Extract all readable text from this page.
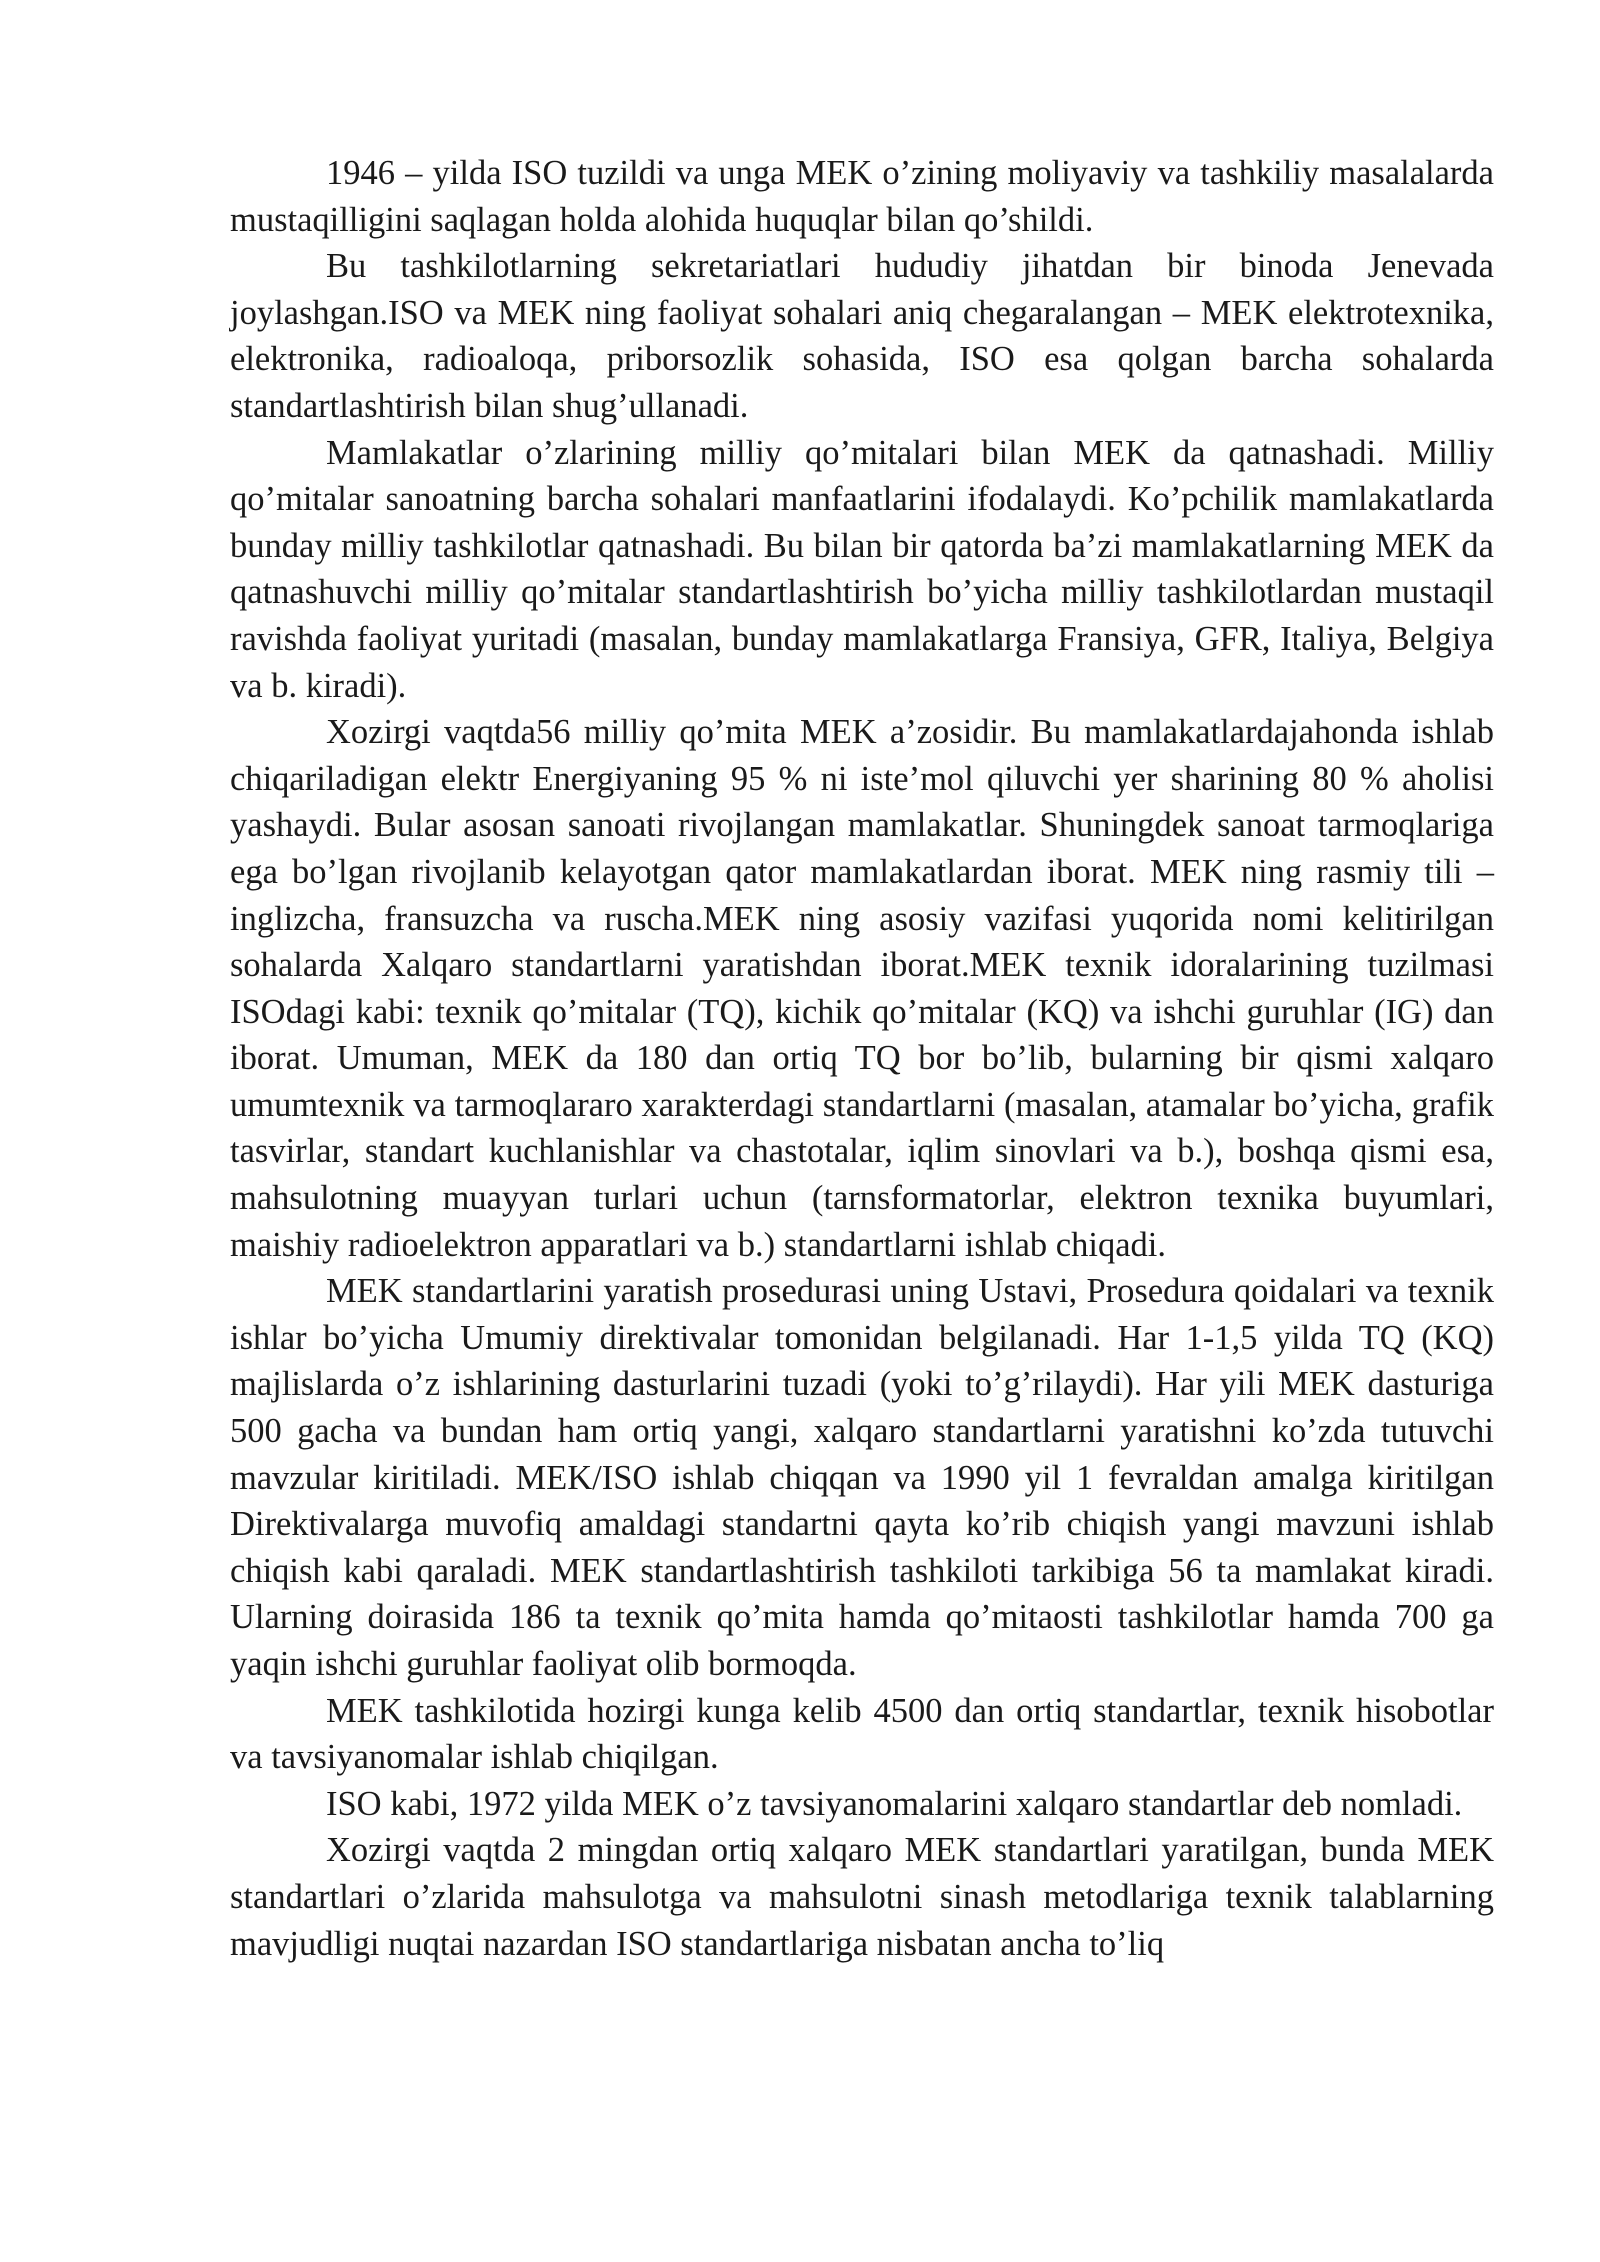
1946 – yilda ISO tuzildi va unga MEK o’zining moliyaviy va tashkiliy masalalarda mustaqilligini saqlagan holda alohida huquqlar bilan qo’shildi.

Bu tashkilotlarning sekretariatlari hududiy jihatdan bir binoda Jenevada joylashgan.ISO va MEK ning faoliyat sohalari aniq chegaralangan – MEK elektrotexnika, elektronika, radioaloqa, priborsozlik sohasida, ISO esa qolgan barcha sohalarda standartlashtirish bilan shug’ullanadi.

Mamlakatlar o’zlarining milliy qo’mitalari bilan MEK da qatnashadi. Milliy qo’mitalar sanoatning barcha sohalari manfaatlarini ifodalaydi. Ko’pchilik mamlakatlarda bunday milliy tashkilotlar qatnashadi. Bu bilan bir qatorda ba’zi mamlakatlarning MEK da qatnashuvchi milliy qo’mitalar standartlashtirish bo’yicha milliy tashkilotlardan mustaqil ravishda faoliyat yuritadi (masalan, bunday mamlakatlarga Fransiya, GFR, Italiya, Belgiya va b. kiradi).

Xozirgi vaqtda56 milliy qo’mita MEK a’zosidir. Bu mamlakatlardajahonda ishlab chiqariladigan elektr Energiyaning 95 % ni iste’mol qiluvchi yer sharining 80 % aholisi yashaydi. Bular asosan sanoati rivojlangan mamlakatlar. Shuningdek sanoat tarmoqlariga ega bo’lgan rivojlanib kelayotgan qator mamlakatlardan iborat. MEK ning rasmiy tili – inglizcha, fransuzcha va ruscha.MEK ning asosiy vazifasi yuqorida nomi kelitirilgan sohalarda Xalqaro standartlarni yaratishdan iborat.MEK texnik idoralarining tuzilmasi ISOdagi kabi: texnik qo’mitalar (TQ), kichik qo’mitalar (KQ) va ishchi guruhlar (IG) dan iborat. Umuman, MEK da 180 dan ortiq TQ bor bo’lib, bularning bir qismi xalqaro umumtexnik va tarmoqlararo xarakterdagi standartlarni (masalan, atamalar bo’yicha, grafik tasvirlar, standart kuchlanishlar va chastotalar, iqlim sinovlari va b.), boshqa qismi esa, mahsulotning muayyan turlari uchun (tarnsformatorlar, elektron texnika buyumlari, maishiy radioelektron apparatlari va b.) standartlarni ishlab chiqadi.

MEK standartlarini yaratish prosedurasi uning Ustavi, Prosedura qoidalari va texnik ishlar bo’yicha Umumiy direktivalar tomonidan belgilanadi. Har 1-1,5 yilda TQ (KQ) majlislarda o’z ishlarining dasturlarini tuzadi (yoki to’g’rilaydi). Har yili MEK dasturiga 500 gacha va bundan ham ortiq yangi, xalqaro standartlarni yaratishni ko’zda tutuvchi mavzular kiritiladi. MEK/ISO ishlab chiqqan va 1990 yil 1 fevraldan amalga kiritilgan Direktivalarga muvofiq amaldagi standartni qayta ko’rib chiqish yangi mavzuni ishlab chiqish kabi qaraladi. MEK standartlashtirish tashkiloti tarkibiga 56 ta mamlakat kiradi. Ularning doirasida 186 ta texnik qo’mita hamda qo’mitaosti tashkilotlar hamda 700 ga yaqin ishchi guruhlar faoliyat olib bormoqda.

MEK tashkilotida hozirgi kunga kelib 4500 dan ortiq standartlar, texnik hisobotlar va tavsiyanomalar ishlab chiqilgan.

ISO kabi, 1972 yilda MEK o’z tavsiyanomalarini xalqaro standartlar deb nomladi.

Xozirgi vaqtda 2 mingdan ortiq xalqaro MEK standartlari yaratilgan, bunda MEK standartlari o’zlarida mahsulotga va mahsulotni sinash metodlariga texnik talablarning mavjudligi nuqtai nazardan ISO standartlariga nisbatan ancha to’liq
